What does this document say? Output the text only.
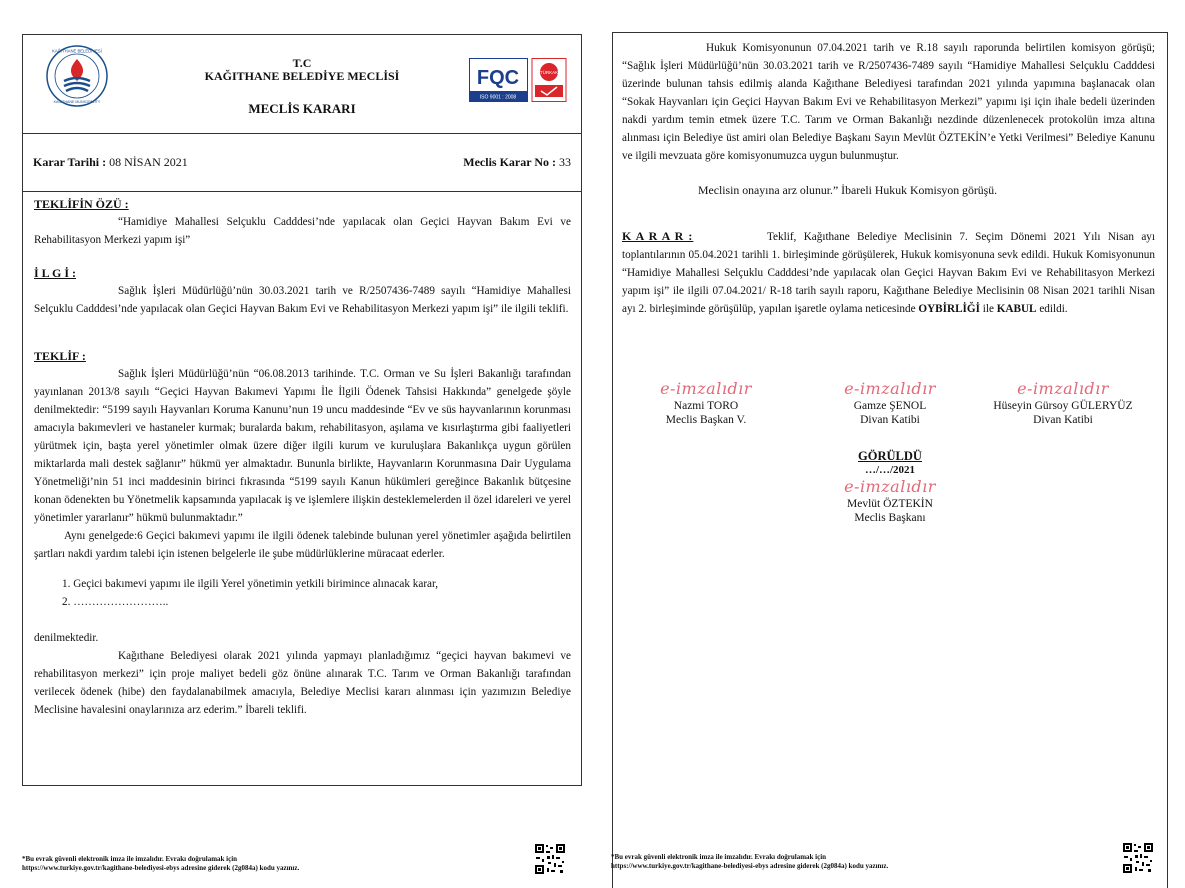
KAĞITHANE BELEDİYESİ
KAGITHANE MUNICIPALITY
T.C
KAĞITHANE BELEDİYE MECLİSİ
MECLİS KARARI
FQC
ISO 9001 : 2008
TÜRKAK
Karar Tarihi : 08 NİSAN 2021	Meclis Karar No : 33
TEKLİFİN ÖZÜ :

“Hamidiye Mahallesi Selçuklu Cadddesi’nde yapılacak olan Geçici Hayvan Bakım Evi ve Rehabilitasyon Merkezi yapım işi”

İ L G İ :

Sağlık İşleri Müdürlüğü’nün 30.03.2021 tarih ve R/2507436-7489 sayılı “Hamidiye Mahallesi Selçuklu Cadddesi’nde yapılacak olan Geçici Hayvan Bakım Evi ve Rehabilitasyon Merkezi yapım işi” ile ilgili teklifi.

TEKLİF :

Sağlık İşleri Müdürlüğü’nün “06.08.2013 tarihinde. T.C. Orman ve Su İşleri Bakanlığı tarafından yayınlanan 2013/8 sayılı “Geçici Hayvan Bakımevi Yapımı İle İlgili Ödenek Tahsisi Hakkında” genelgede şöyle denilmektedir: “5199 sayılı Hayvanları Koruma Kanunu’nun 19 uncu maddesinde “Ev ve süs hayvanlarının korunması amacıyla bakımevleri ve hastaneler kurmak; buralarda bakım, rehabilitasyon, aşılama ve kısırlaştırma gibi faaliyetleri yürütmek için, başta yerel yönetimler olmak üzere diğer ilgili kurum ve kuruluşlara Bakanlıkça uygun görülen miktarlarda mali destek sağlanır” hükmü yer almaktadır. Bununla birlikte, Hayvanların Korunmasına Dair Uygulama Yönetmeliği’nin 51 inci maddesinin birinci fıkrasında “5199 sayılı Kanun hükümleri gereğince Bakanlık bütçesine konan ödenekten bu Yönetmelik kapsamında yapılacak iş ve işlemlere ilişkin desteklemelerden il özel idareleri ve yerel yönetimler yararlanır” hükmü bulunmaktadır.”

Aynı genelgede:6 Geçici bakımevi yapımı ile ilgili ödenek talebinde bulunan yerel yönetimler aşağıda belirtilen şartları nakdi yardım talebi için istenen belgelerle ile şube müdürlüklerine müracaat ederler.

1. Geçici bakımevi yapımı ile ilgili Yerel yönetimin yetkili birimince alınacak karar,

2. ……………………..

denilmektedir.

Kağıthane Belediyesi olarak 2021 yılında yapmayı planladığımız “geçici hayvan bakımevi ve rehabilitasyon merkezi” için proje maliyet bedeli göz önüne alınarak T.C. Tarım ve Orman Bakanlığı tarafından verilecek ödenek (hibe) den faydalanabilmek amacıyla, Belediye Meclisi kararı alınması için yazımızın Belediye Meclisine havalesini onaylarınıza arz ederim.” İbareli teklifi.

*Bu evrak güvenli elektronik imza ile imzalıdır. Evrakı doğrulamak için
https://www.turkiye.gov.tr/kagithane-belediyesi-ebys adresine giderek (2g084a) kodu yazınız.

Hukuk Komisyonunun 07.04.2021 tarih ve R.18 sayılı raporunda belirtilen komisyon görüşü; “Sağlık İşleri Müdürlüğü’nün 30.03.2021 tarih ve R/2507436-7489 sayılı “Hamidiye Mahallesi Selçuklu Cadddesi üzerinde bulunan tahsis edilmiş alanda Kağıthane Belediyesi tarafından 2021 yılında yapımına başlanacak olan “Sokak Hayvanları için Geçici Hayvan Bakım Evi ve Rehabilitasyon Merkezi” yapımı işi için ihale bedeli üzerinden nakdi yardım temin etmek üzere T.C. Tarım ve Orman Bakanlığı nezdinde düzenlenecek protokolün imza altına alınması için Belediye üst amiri olan Belediye Başkanı Sayın Mevlüt ÖZTEKİN’e Yetki Verilmesi” Belediye Kanunu ve ilgili mevzuata göre komisyonumuzca uygun bulunmuştur.

Meclisin onayına arz olunur.” İbareli Hukuk Komisyon görüşü.

K A R A R :	Teklif, Kağıthane Belediye Meclisinin 7. Seçim Dönemi 2021 Yılı Nisan ayı toplantılarının 05.04.2021 tarihli 1. birleşiminde görüşülerek, Hukuk komisyonuna sevk edildi. Hukuk Komisyonunun “Hamidiye Mahallesi Selçuklu Cadddesi’nde yapılacak olan Geçici Hayvan Bakım Evi ve Rehabilitasyon Merkezi yapım işi” ile ilgili 07.04.2021/ R-18 tarih sayılı raporu, Kağıthane Belediye Meclisinin 08 Nisan 2021 tarihli Nisan ayı 2. birleşiminde görüşülüp, yapılan işaretle oylama neticesinde OYBİRLİĞİ ile KABUL edildi.

e-imzalıdır
Nazmi TORO
Meclis Başkan V.
e-imzalıdır
Gamze ŞENOL
Divan Katibi
e-imzalıdır
Hüseyin Gürsoy GÜLERYÜZ
Divan Katibi
GÖRÜLDÜ
…/…/2021
e-imzalıdır
Mevlüt ÖZTEKİN
Meclis Başkanı
*Bu evrak güvenli elektronik imza ile imzalıdır. Evrakı doğrulamak için
https://www.turkiye.gov.tr/kagithane-belediyesi-ebys adresine giderek (2g084a) kodu yazınız.
